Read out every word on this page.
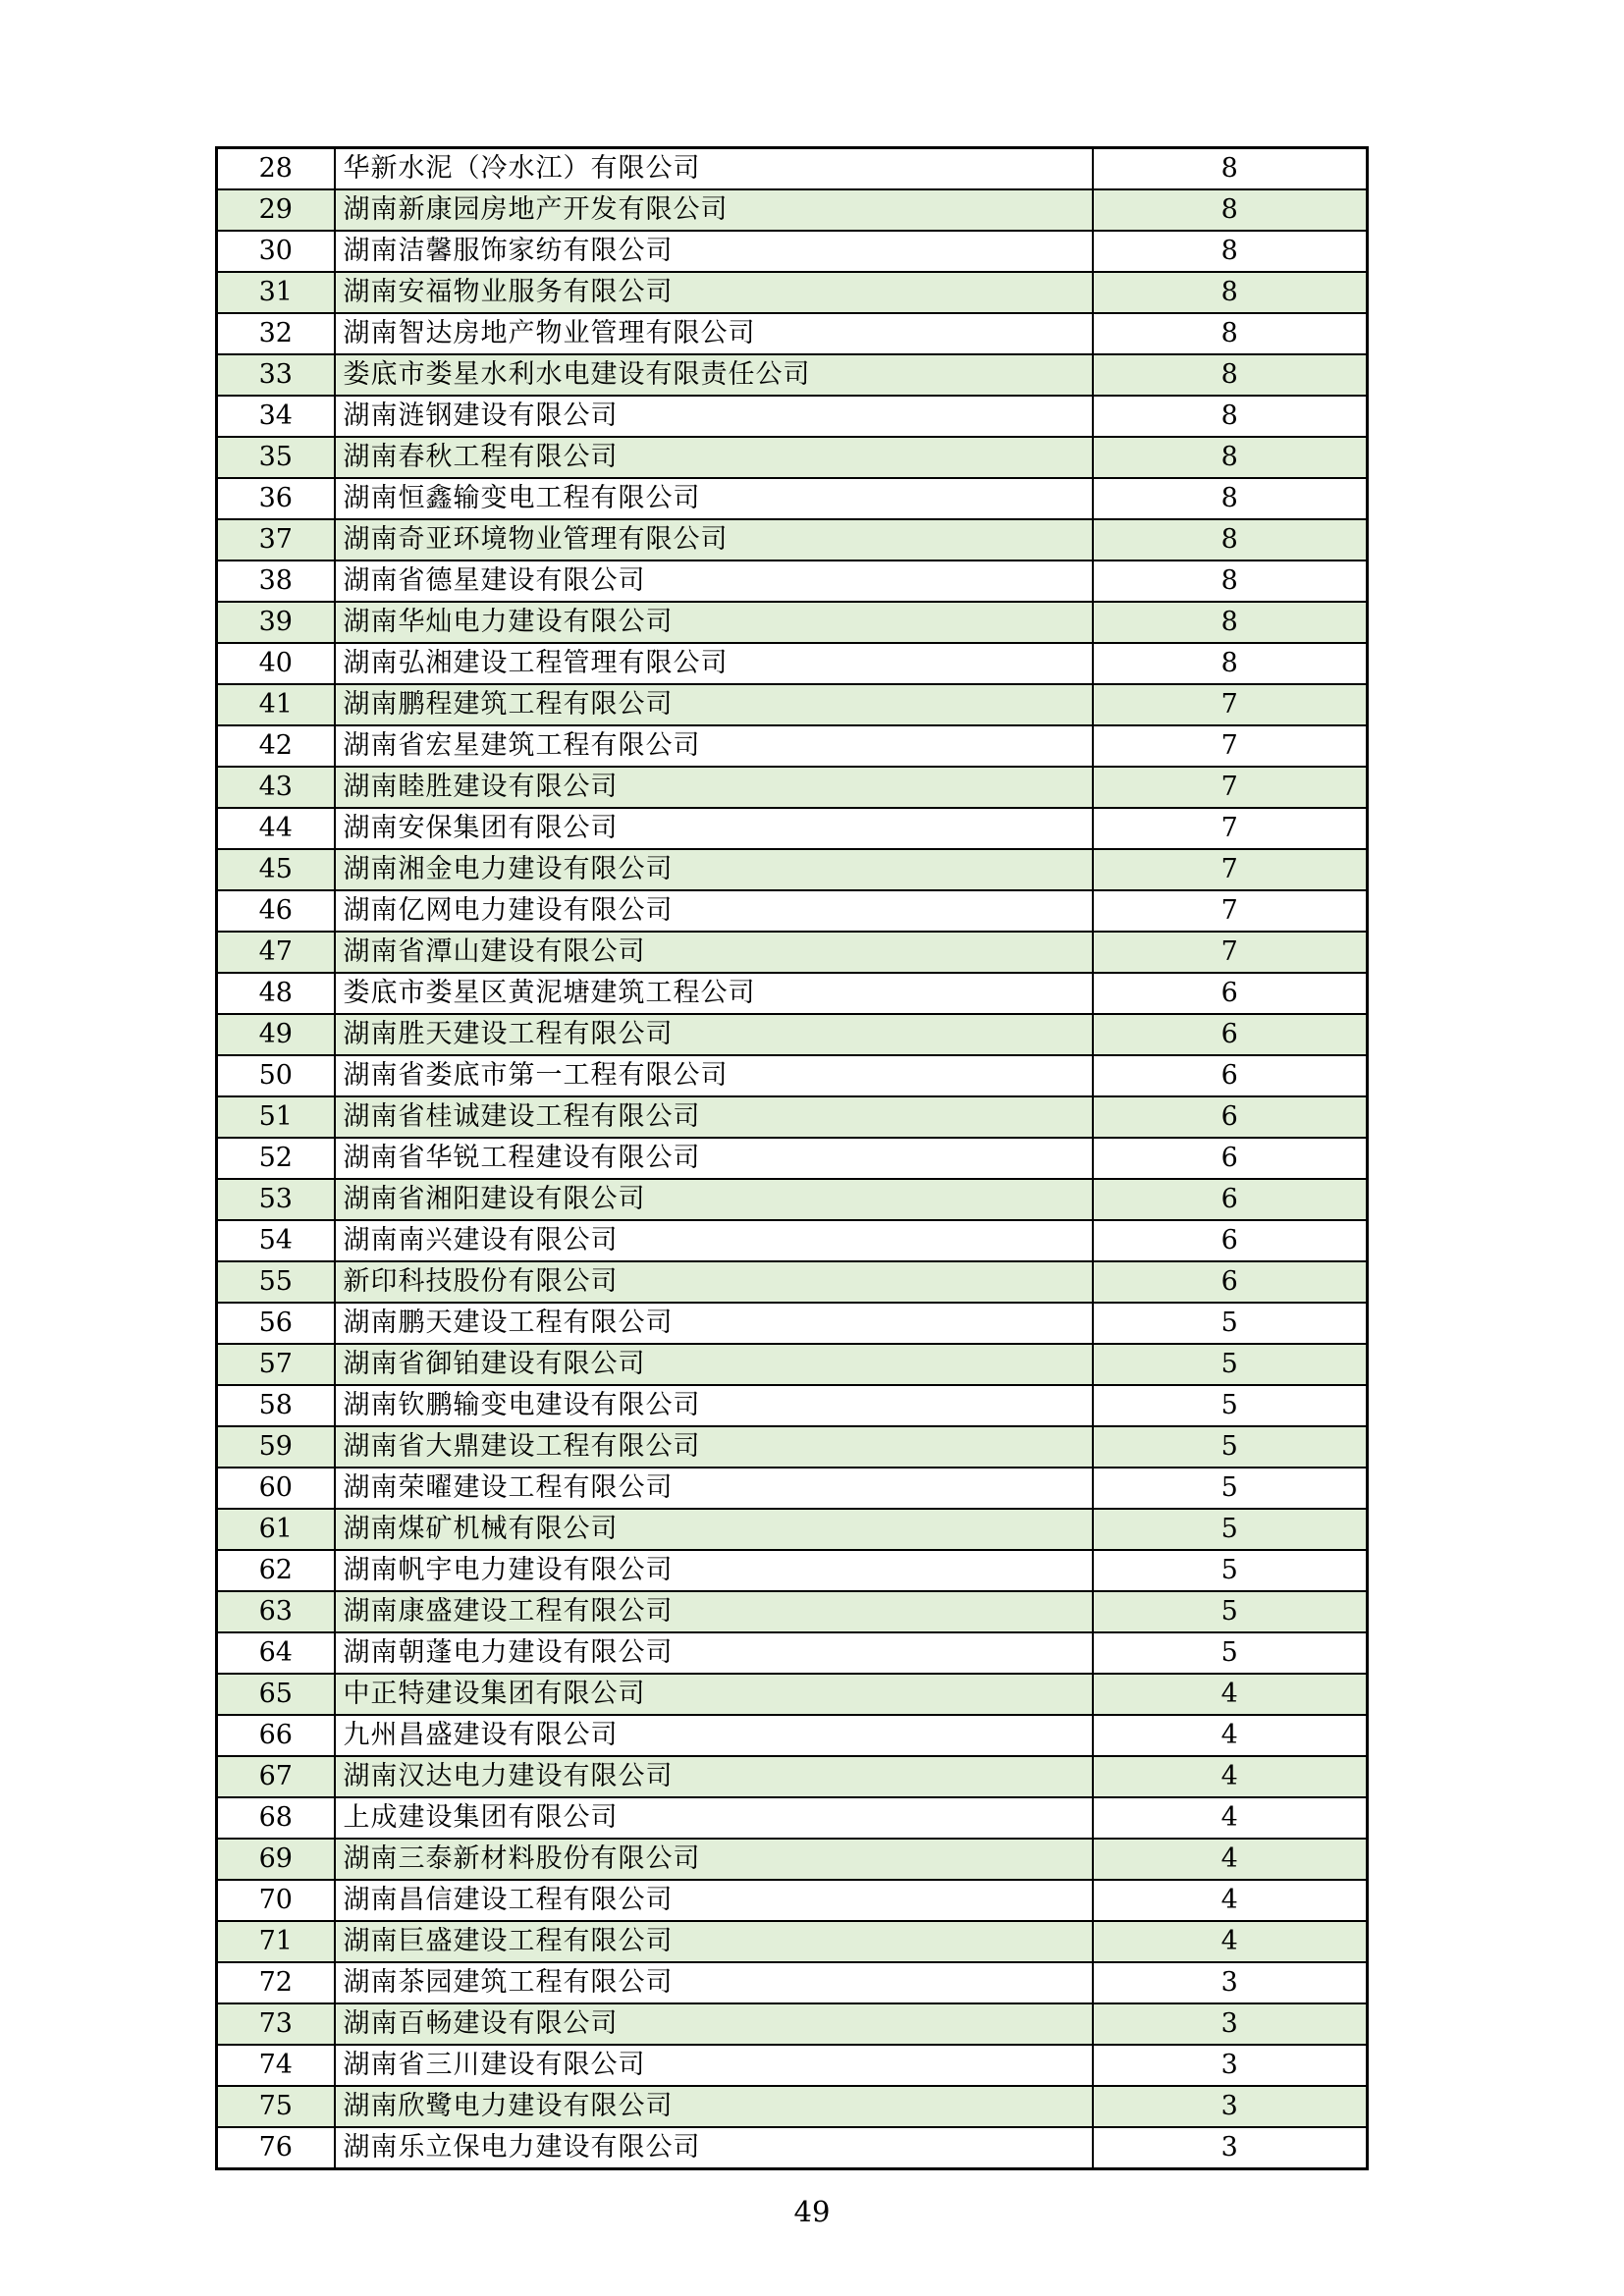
28	华新水泥（冷水江）有限公司	8
29	湖南新康园房地产开发有限公司	8
30	湖南洁馨服饰家纺有限公司	8
31	湖南安福物业服务有限公司	8
32	湖南智达房地产物业管理有限公司	8
33	娄底市娄星水利水电建设有限责任公司	8
34	湖南涟钢建设有限公司	8
35	湖南春秋工程有限公司	8
36	湖南恒鑫输变电工程有限公司	8
37	湖南奇亚环境物业管理有限公司	8
38	湖南省德星建设有限公司	8
39	湖南华灿电力建设有限公司	8
40	湖南弘湘建设工程管理有限公司	8
41	湖南鹏程建筑工程有限公司	7
42	湖南省宏星建筑工程有限公司	7
43	湖南睦胜建设有限公司	7
44	湖南安保集团有限公司	7
45	湖南湘金电力建设有限公司	7
46	湖南亿网电力建设有限公司	7
47	湖南省潭山建设有限公司	7
48	娄底市娄星区黄泥塘建筑工程公司	6
49	湖南胜天建设工程有限公司	6
50	湖南省娄底市第一工程有限公司	6
51	湖南省桂诚建设工程有限公司	6
52	湖南省华锐工程建设有限公司	6
53	湖南省湘阳建设有限公司	6
54	湖南南兴建设有限公司	6
55	新印科技股份有限公司	6
56	湖南鹏天建设工程有限公司	5
57	湖南省御铂建设有限公司	5
58	湖南钦鹏输变电建设有限公司	5
59	湖南省大鼎建设工程有限公司	5
60	湖南荣曜建设工程有限公司	5
61	湖南煤矿机械有限公司	5
62	湖南帆宇电力建设有限公司	5
63	湖南康盛建设工程有限公司	5
64	湖南朝蓬电力建设有限公司	5
65	中正特建设集团有限公司	4
66	九州昌盛建设有限公司	4
67	湖南汉达电力建设有限公司	4
68	上成建设集团有限公司	4
69	湖南三泰新材料股份有限公司	4
70	湖南昌信建设工程有限公司	4
71	湖南巨盛建设工程有限公司	4
72	湖南茶园建筑工程有限公司	3
73	湖南百畅建设有限公司	3
74	湖南省三川建设有限公司	3
75	湖南欣鹭电力建设有限公司	3
76	湖南乐立保电力建设有限公司	3
49
